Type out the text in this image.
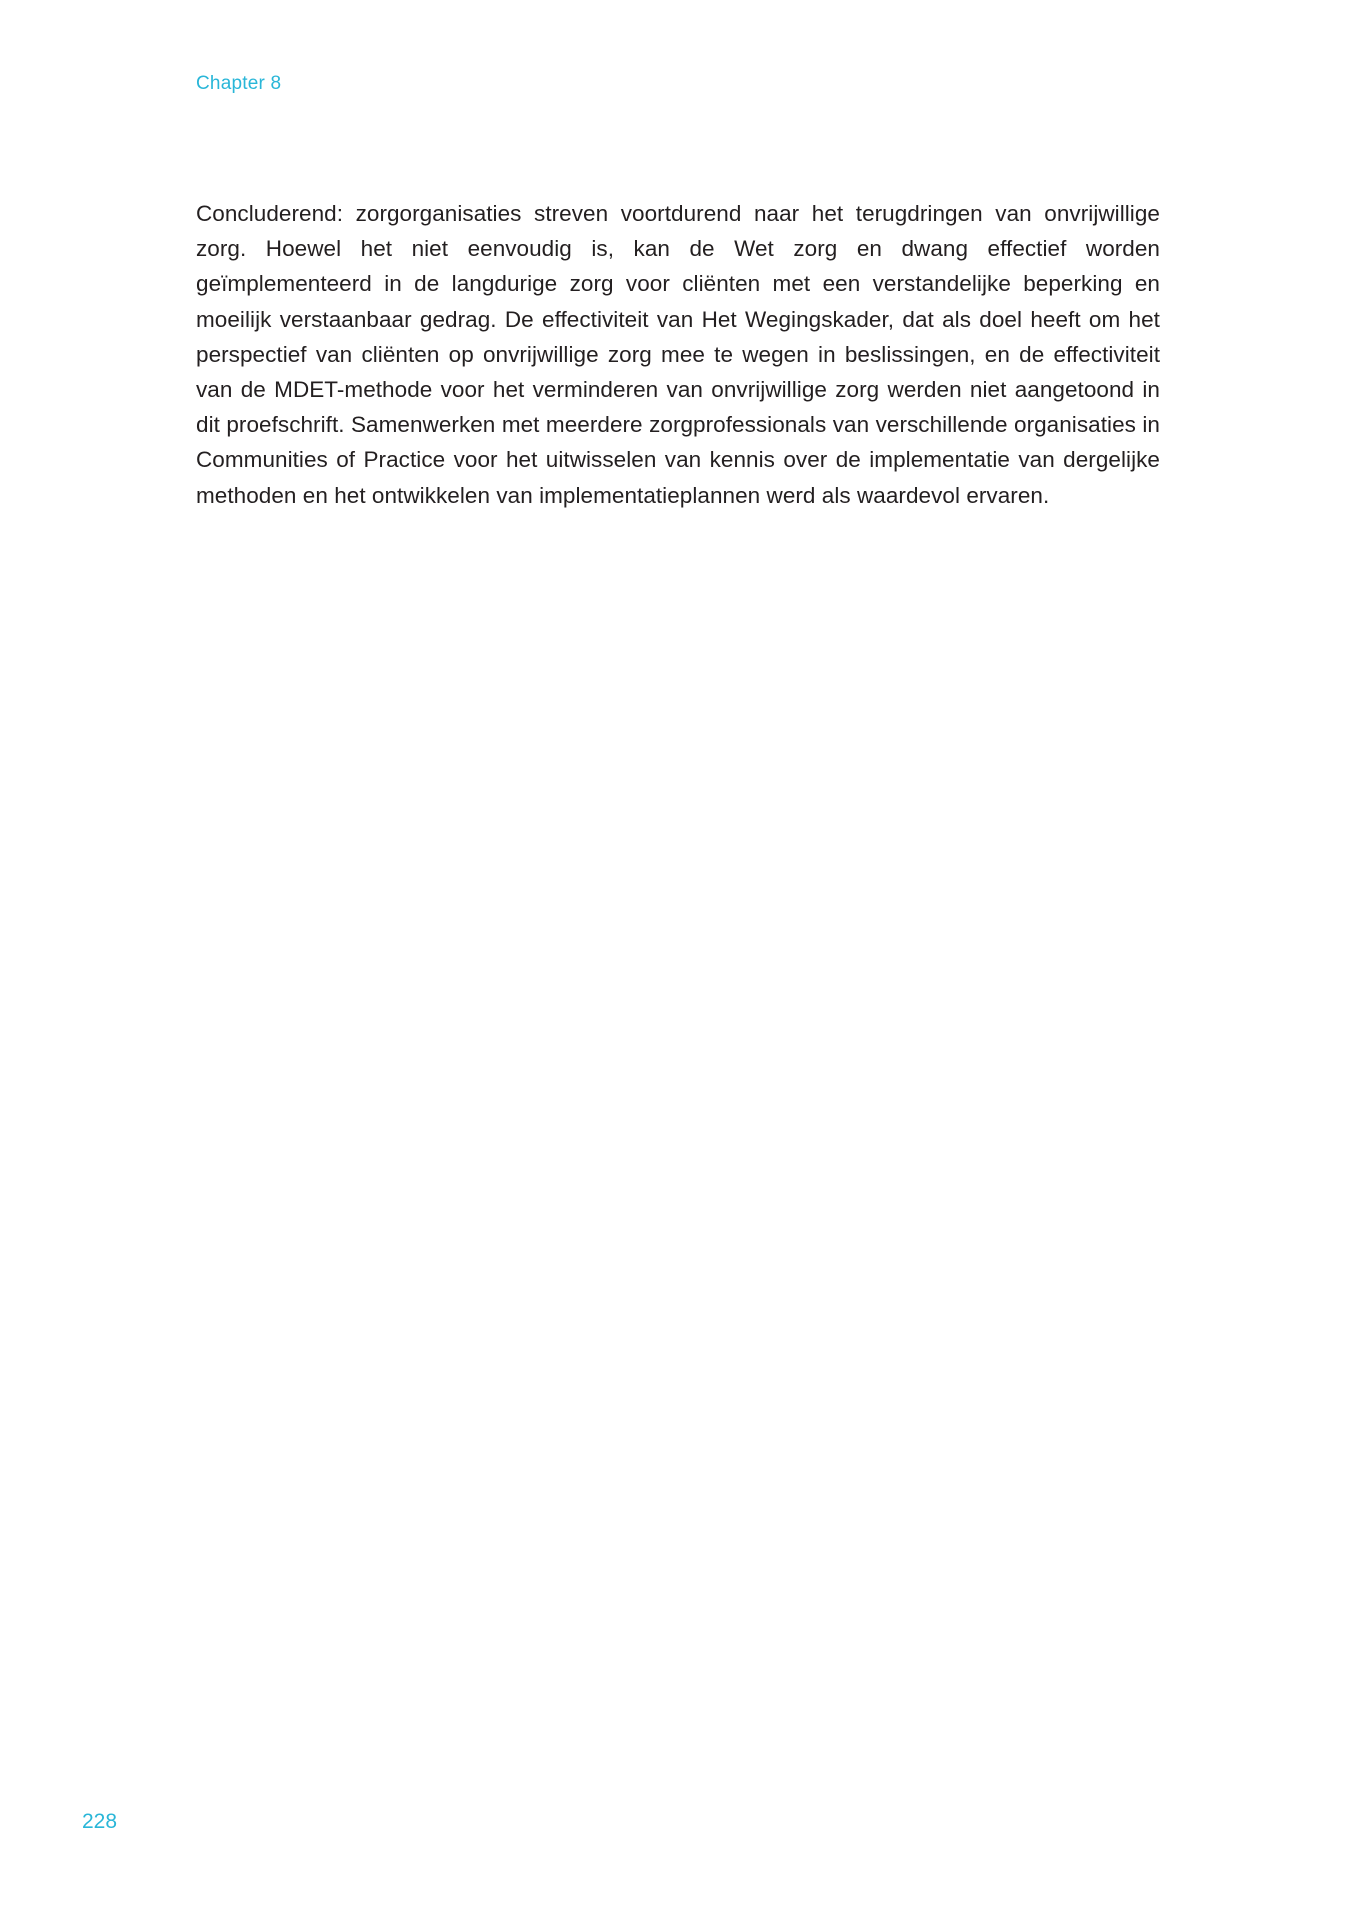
Chapter 8

Concluderend: zorgorganisaties streven voortdurend naar het terugdringen van onvrijwillige zorg. Hoewel het niet eenvoudig is, kan de Wet zorg en dwang effectief worden geïmplementeerd in de langdurige zorg voor cliënten met een verstandelijke beperking en moeilijk verstaanbaar gedrag. De effectiviteit van Het Wegingskader, dat als doel heeft om het perspectief van cliënten op onvrijwillige zorg mee te wegen in beslissingen, en de effectiviteit van de MDET-methode voor het verminderen van onvrijwillige zorg werden niet aangetoond in dit proefschrift. Samenwerken met meerdere zorgprofessionals van verschillende organisaties in Communities of Practice voor het uitwisselen van kennis over de implementatie van dergelijke methoden en het ontwikkelen van implementatieplannen werd als waardevol ervaren.

228
